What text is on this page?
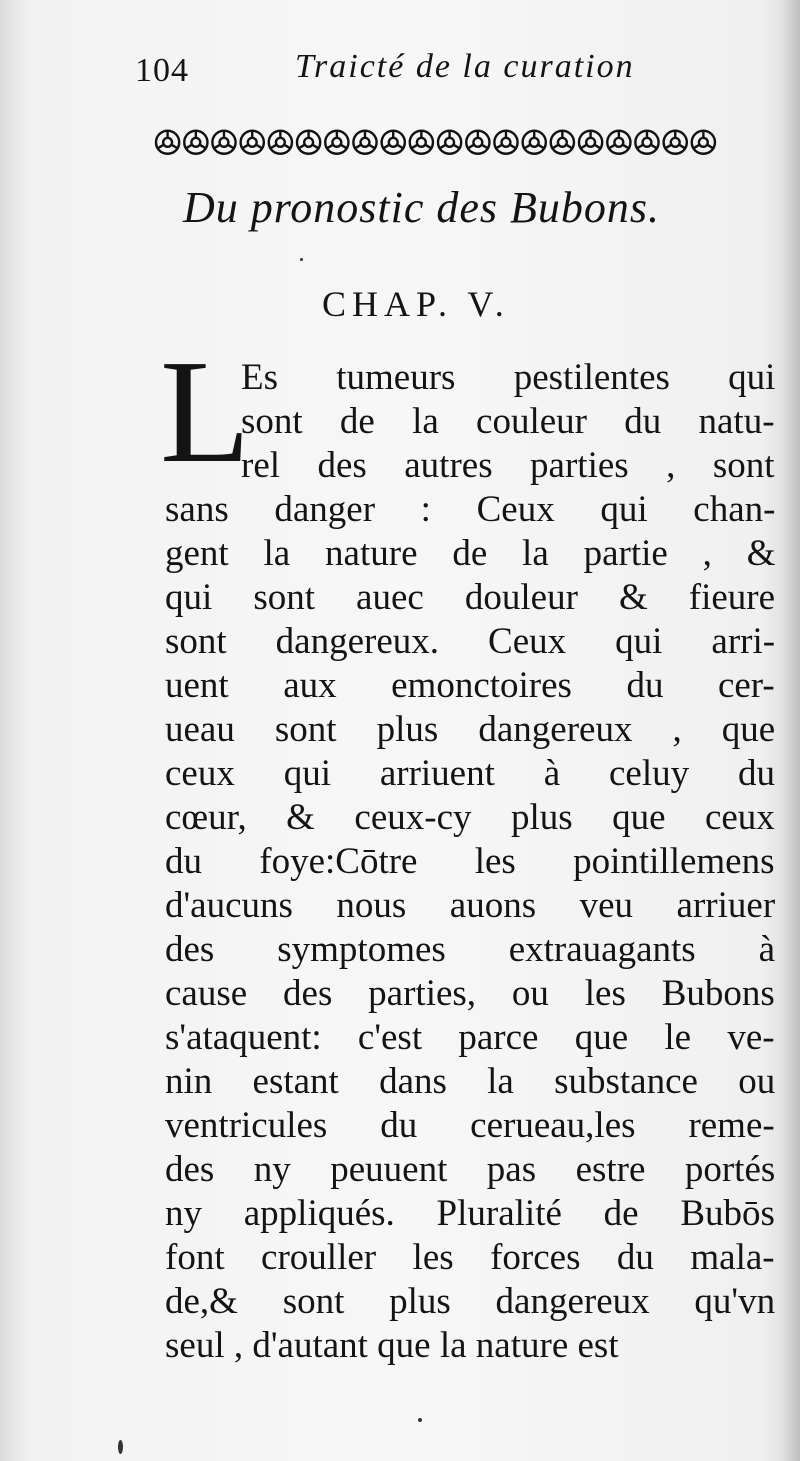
104	Traicté de la curation
ꔮꔮꔮꔮꔮꔮꔮꔮꔮꔮꔮꔮꔮꔮꔮꔮꔮꔮꔮꔮ
Du pronostic des Bubons.
CHAP. V.
L
Es tumeurs pestilentes qui
sont de la couleur du natu-
rel des autres parties , sont
sans danger : Ceux qui chan-
gent la nature de la partie , &
qui sont auec douleur & fieure
sont dangereux. Ceux qui arri-
uent aux emonctoires du cer-
ueau sont plus dangereux , que
ceux qui arriuent à celuy du
cœur, & ceux-cy plus que ceux
du foye:Cōtre les pointillemens
d'aucuns nous auons veu arriuer
des symptomes extrauagants à
cause des parties, ou les Bubons
s'ataquent: c'est parce que le ve-
nin estant dans la substance ou
ventricules du cerueau,les reme-
des ny peuuent pas estre portés
ny appliqués. Pluralité de Bubōs
font crouller les forces du mala-
de,& sont plus dangereux qu'vn
seul , d'autant que la nature est
